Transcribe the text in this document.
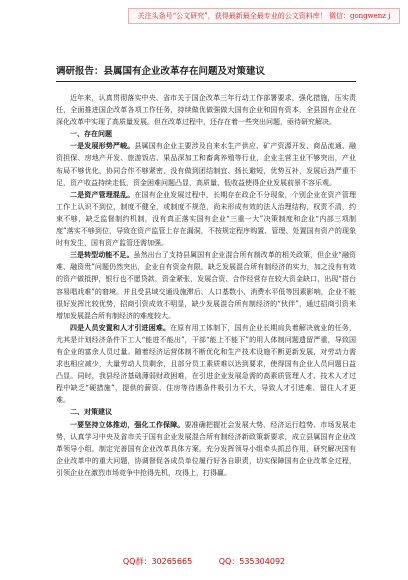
关注头条号“公文研究”，获得最新最全最专业的公文资料库！ 微信：gongwenz j
调研报告：县属国有企业改革存在问题及对策建议

近年来，认真贯彻落实中央、省市关于国企改革三年行动工作部署要求，强化措施，压实责任，全面推进国企改革各项工作任务，持续做优做强做大国有企业和国有资本，全县国有企业在深化改革中实现了高质量发展。但在改革过程中，还存在着一些突出问题，亟待研究解决。

一、存在问题

一是发展形势严峻。县属国有企业主要涉及自来水生产供应、矿产资源开发、商品流通、融资担保、房地产开发、旅游饭店、果品深加工和畜禽养殖等行业，企业主营主业不够突出，产业布局不够优化，协同合作不够紧密，没有做到团结制宜、扬长避短，优势互补，发展后劲严重不足，资产收益持续走低，资金困难问题凸显，高质量、低收益使得企业发展前景不容乐观。

二是资产管理混乱。在国有企业发展过程中，长期存在政企不分现象，个别企业在资产管理工作上认识不到位，制度不健全，或制度不规范，尚未形成有效的法人治理结构，权责不清，约束不够，缺乏监督制约机制，没有真正落实国有企业“三重一大”决策制度和企业“内部三项制度”落实不够到位，导致在资产监管上存在漏洞，不按规定程序购置、管理、处置国有资产的现象时有发生，国有资产监管还需加强。

三是转型动能不足。虽然出台了支持县属国有企业混合所有制改革的相关政策，但企业“融资难、融资贵”问题仍然突出，企业自有资金有限，缺乏发展混合所有制经济的实力，加之没有有效的资产做抵押，银行也不愿贷款，资金紧张，发展合资、合作经营存在较大资金缺口，出现“搭台容易唱戏难”的窘境。并且受县域交通设施滞后、人口基数小、消费水平低等因素影响，企业不能很好发挥比较优势，招商引资成效不明显，缺少发展混合所有制经济的“伙伴”，通过招商引资来增加发展混合所有制经济的难度较大。

四是人员安置和人才引进困难。在原有用工体制下，国有企业长期肩负着解决就业的任务，尤其是计划经济条件下工人“能进不能出”，干部“能上不能下”的用人体制问题遗留严重，导致国有企业的富余人员过量。随着经济运营体制不断优化和生产技术设施不断更新发展，对劳动力需求也相应减少，大量劳动人员剩余，且部分员工素质难以达到要求，使得国有企业人员问题日益凸显。同时，我县经济基础薄弱财政困难，在引进企业发展急需的高素质管理人才、技术人才过程中缺乏“硬措施”，提供的薪资、住房等待遇条件吸引力不大，导致人才引进难、留住人才更难。

二、对策建议

一要坚持立体推动，强化工作保障。要准确把握社会发展大势、经济运行趋势、市场发展走势，认真学习中央及省市关于国有企业发展混合所有制经济新政策新要求，成立县属国有企业改革领导小组，制定完善国有企业改革具体方案。充分发挥领导小组牵头抓总作用，研究解决国有企业改革中的重大问题，协调督促各成员单位履行好各自职责，切实保障国有企业改革全过程，引领企业在激烈市场竞争中抢得先机，攻得上，打得赢。

QQ群：30265665	QQ：535304092
